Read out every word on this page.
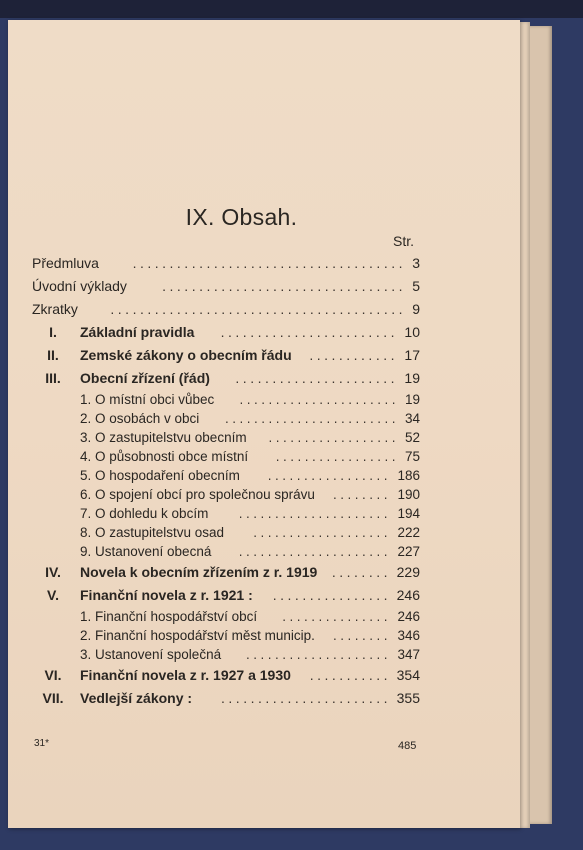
IX. Obsah.
Str.
Předmluva	..................................... 3
Úvodní výklady	................................. 5
Zkratky	........................................ 9
I.	Základní pravidla	........................ 10
II.	Zemské zákony o obecním řádu	............ 17
III.	Obecní zřízení (řád)	...................... 19
1. O místní obci vůbec	...................... 19
2. O osobách v obci	........................ 34
3. O zastupitelstvu obecním	.................. 52
4. O působnosti obce místní	................. 75
5. O hospodaření obecním	................. 186
6. O spojení obcí pro společnou správu	........ 190
7. O dohledu k obcím	..................... 194
8. O zastupitelstvu osad	................... 222
9. Ustanovení obecná	..................... 227
IV.	Novela k obecním zřízením z r. 1919	........ 229
V.	Finanční novela z r. 1921 :	................ 246
1. Finanční hospodářství obcí	............... 246
2. Finanční hospodářství měst municip.	........ 346
3. Ustanovení společná	.................... 347
VI.	Finanční novela z r. 1927 a 1930	........... 354
VII.	Vedlejší zákony :	....................... 355
31*	485
